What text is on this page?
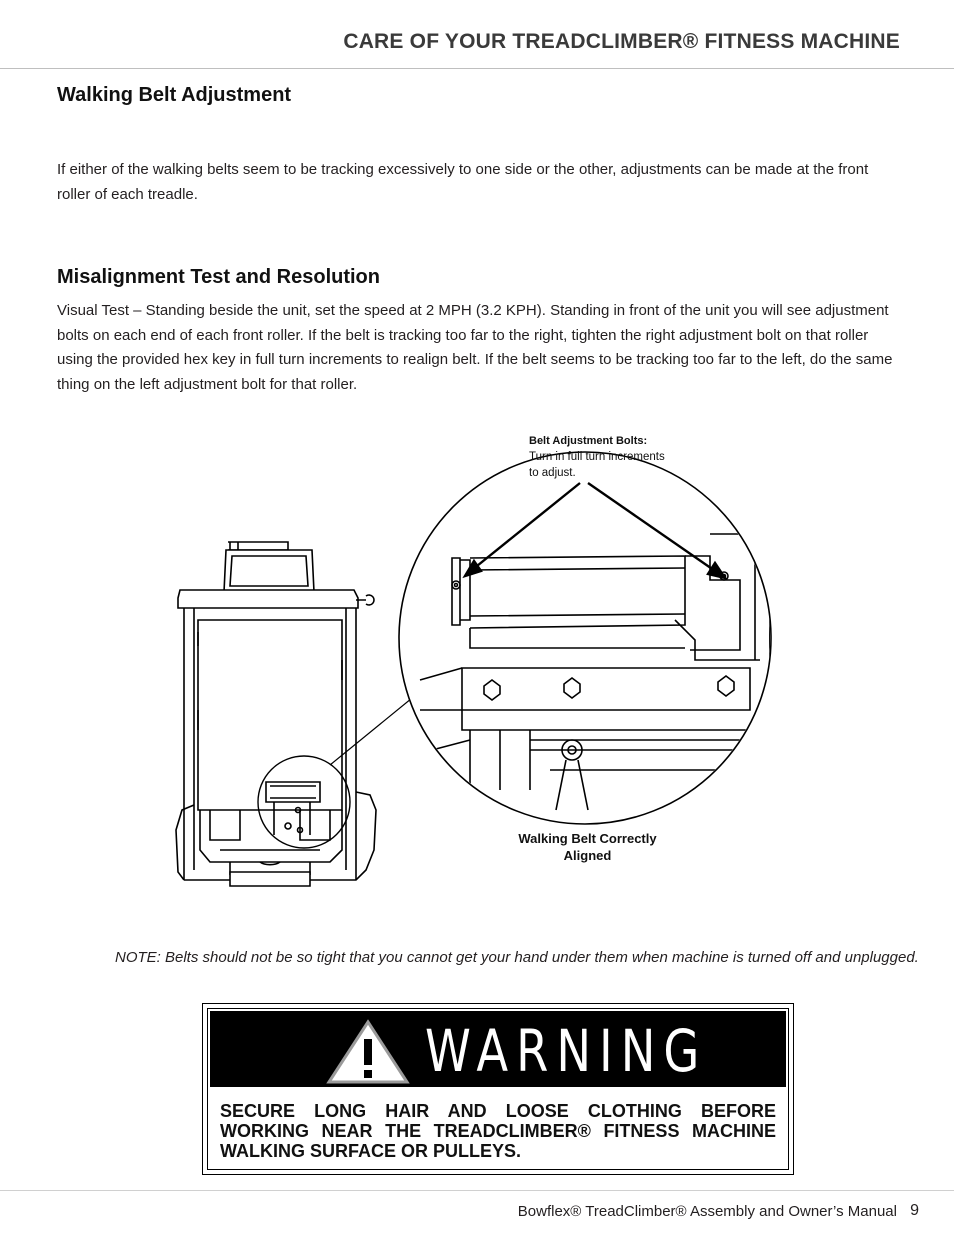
CARE OF YOUR TREADCLIMBER® FITNESS MACHINE
Walking Belt Adjustment
If either of the walking belts seem to be tracking excessively to one side or the other, adjustments can be made at the front roller of each treadle.
Misalignment Test and Resolution
Visual Test – Standing beside the unit, set the speed at 2 MPH (3.2 KPH). Standing in front of the unit you will see adjustment bolts on each end of each front roller. If the belt is tracking too far to the right, tighten the right adjustment bolt on that roller using the provided hex key in full turn increments to realign belt. If the belt seems to be tracking too far to the left, do the same thing on the left adjustment bolt for that roller.
Belt Adjustment Bolts:
Turn in full turn increments
to adjust.
Walking Belt Correctly
Aligned
NOTE: Belts should not be so tight that you cannot get your hand under them when machine is turned off and unplugged.
WARNING
SECURE LONG HAIR AND LOOSE CLOTHING BEFORE WORKING NEAR THE TREADCLIMBER® FITNESS MACHINE WALKING SURFACE OR PULLEYS.
Bowflex® TreadClimber® Assembly and Owner’s Manual 9
